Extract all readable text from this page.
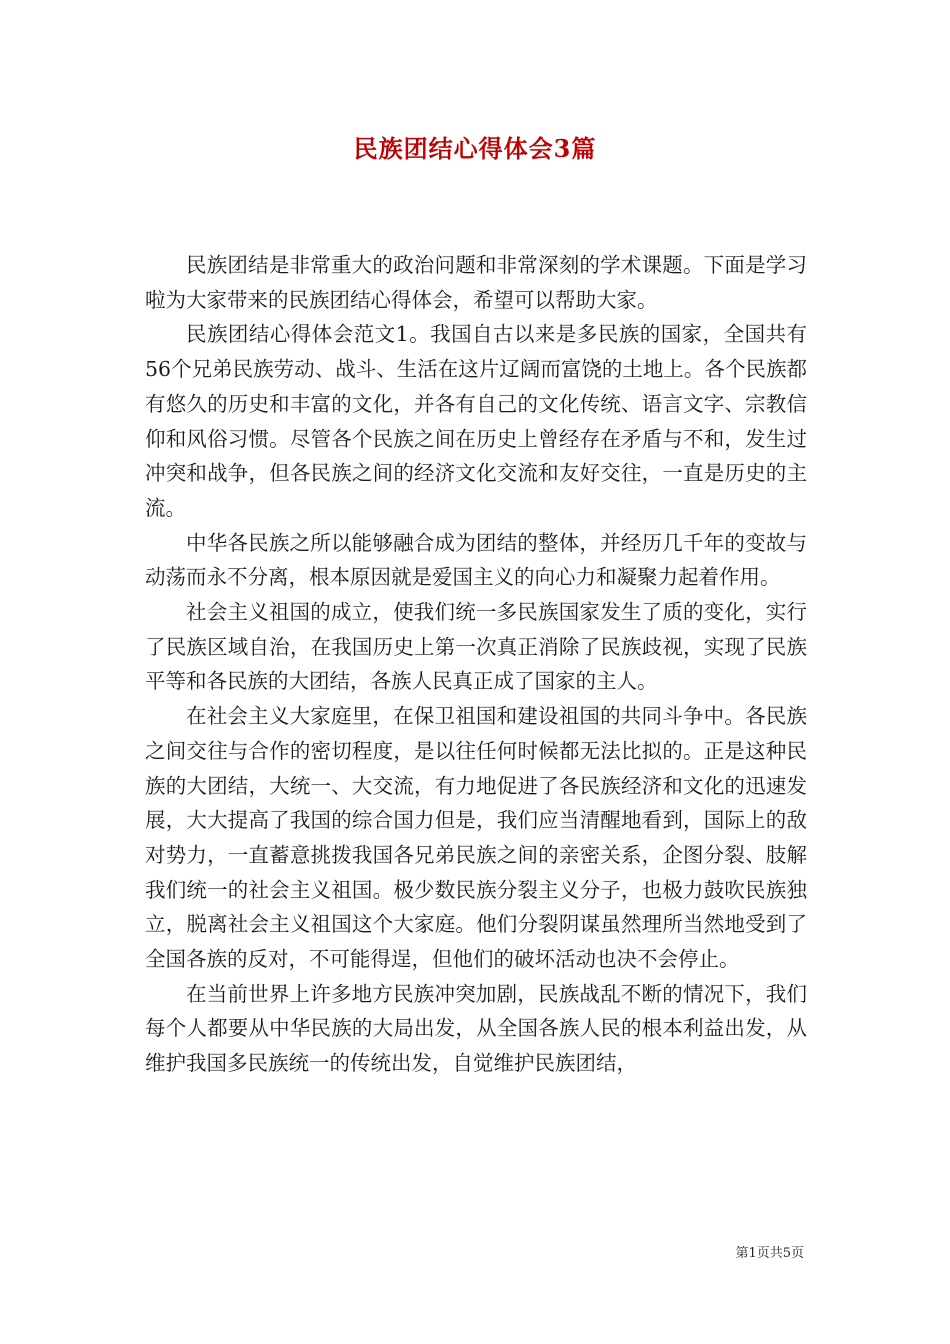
民族团结心得体会3篇

民族团结是非常重大的政治问题和非常深刻的学术课题。下面是学习啦为大家带来的民族团结心得体会，希望可以帮助大家。

民族团结心得体会范文1。我国自古以来是多民族的国家，全国共有56个兄弟民族劳动、战斗、生活在这片辽阔而富饶的土地上。各个民族都有悠久的历史和丰富的文化，并各有自己的文化传统、语言文字、宗教信仰和风俗习惯。尽管各个民族之间在历史上曾经存在矛盾与不和，发生过冲突和战争，但各民族之间的经济文化交流和友好交往，一直是历史的主流。

中华各民族之所以能够融合成为团结的整体，并经历几千年的变故与动荡而永不分离，根本原因就是爱国主义的向心力和凝聚力起着作用。

社会主义祖国的成立，使我们统一多民族国家发生了质的变化，实行了民族区域自治，在我国历史上第一次真正消除了民族歧视，实现了民族平等和各民族的大团结，各族人民真正成了国家的主人。

在社会主义大家庭里，在保卫祖国和建设祖国的共同斗争中。各民族之间交往与合作的密切程度，是以往任何时候都无法比拟的。正是这种民族的大团结，大统一、大交流，有力地促进了各民族经济和文化的迅速发展，大大提高了我国的综合国力但是，我们应当清醒地看到，国际上的敌对势力，一直蓄意挑拨我国各兄弟民族之间的亲密关系，企图分裂、肢解我们统一的社会主义祖国。极少数民族分裂主义分子，也极力鼓吹民族独立，脱离社会主义祖国这个大家庭。他们分裂阴谋虽然理所当然地受到了全国各族的反对，不可能得逞，但他们的破坏活动也决不会停止。

在当前世界上许多地方民族冲突加剧，民族战乱不断的情况下，我们每个人都要从中华民族的大局出发，从全国各族人民的根本利益出发，从维护我国多民族统一的传统出发，自觉维护民族团结，

第1页共5页
